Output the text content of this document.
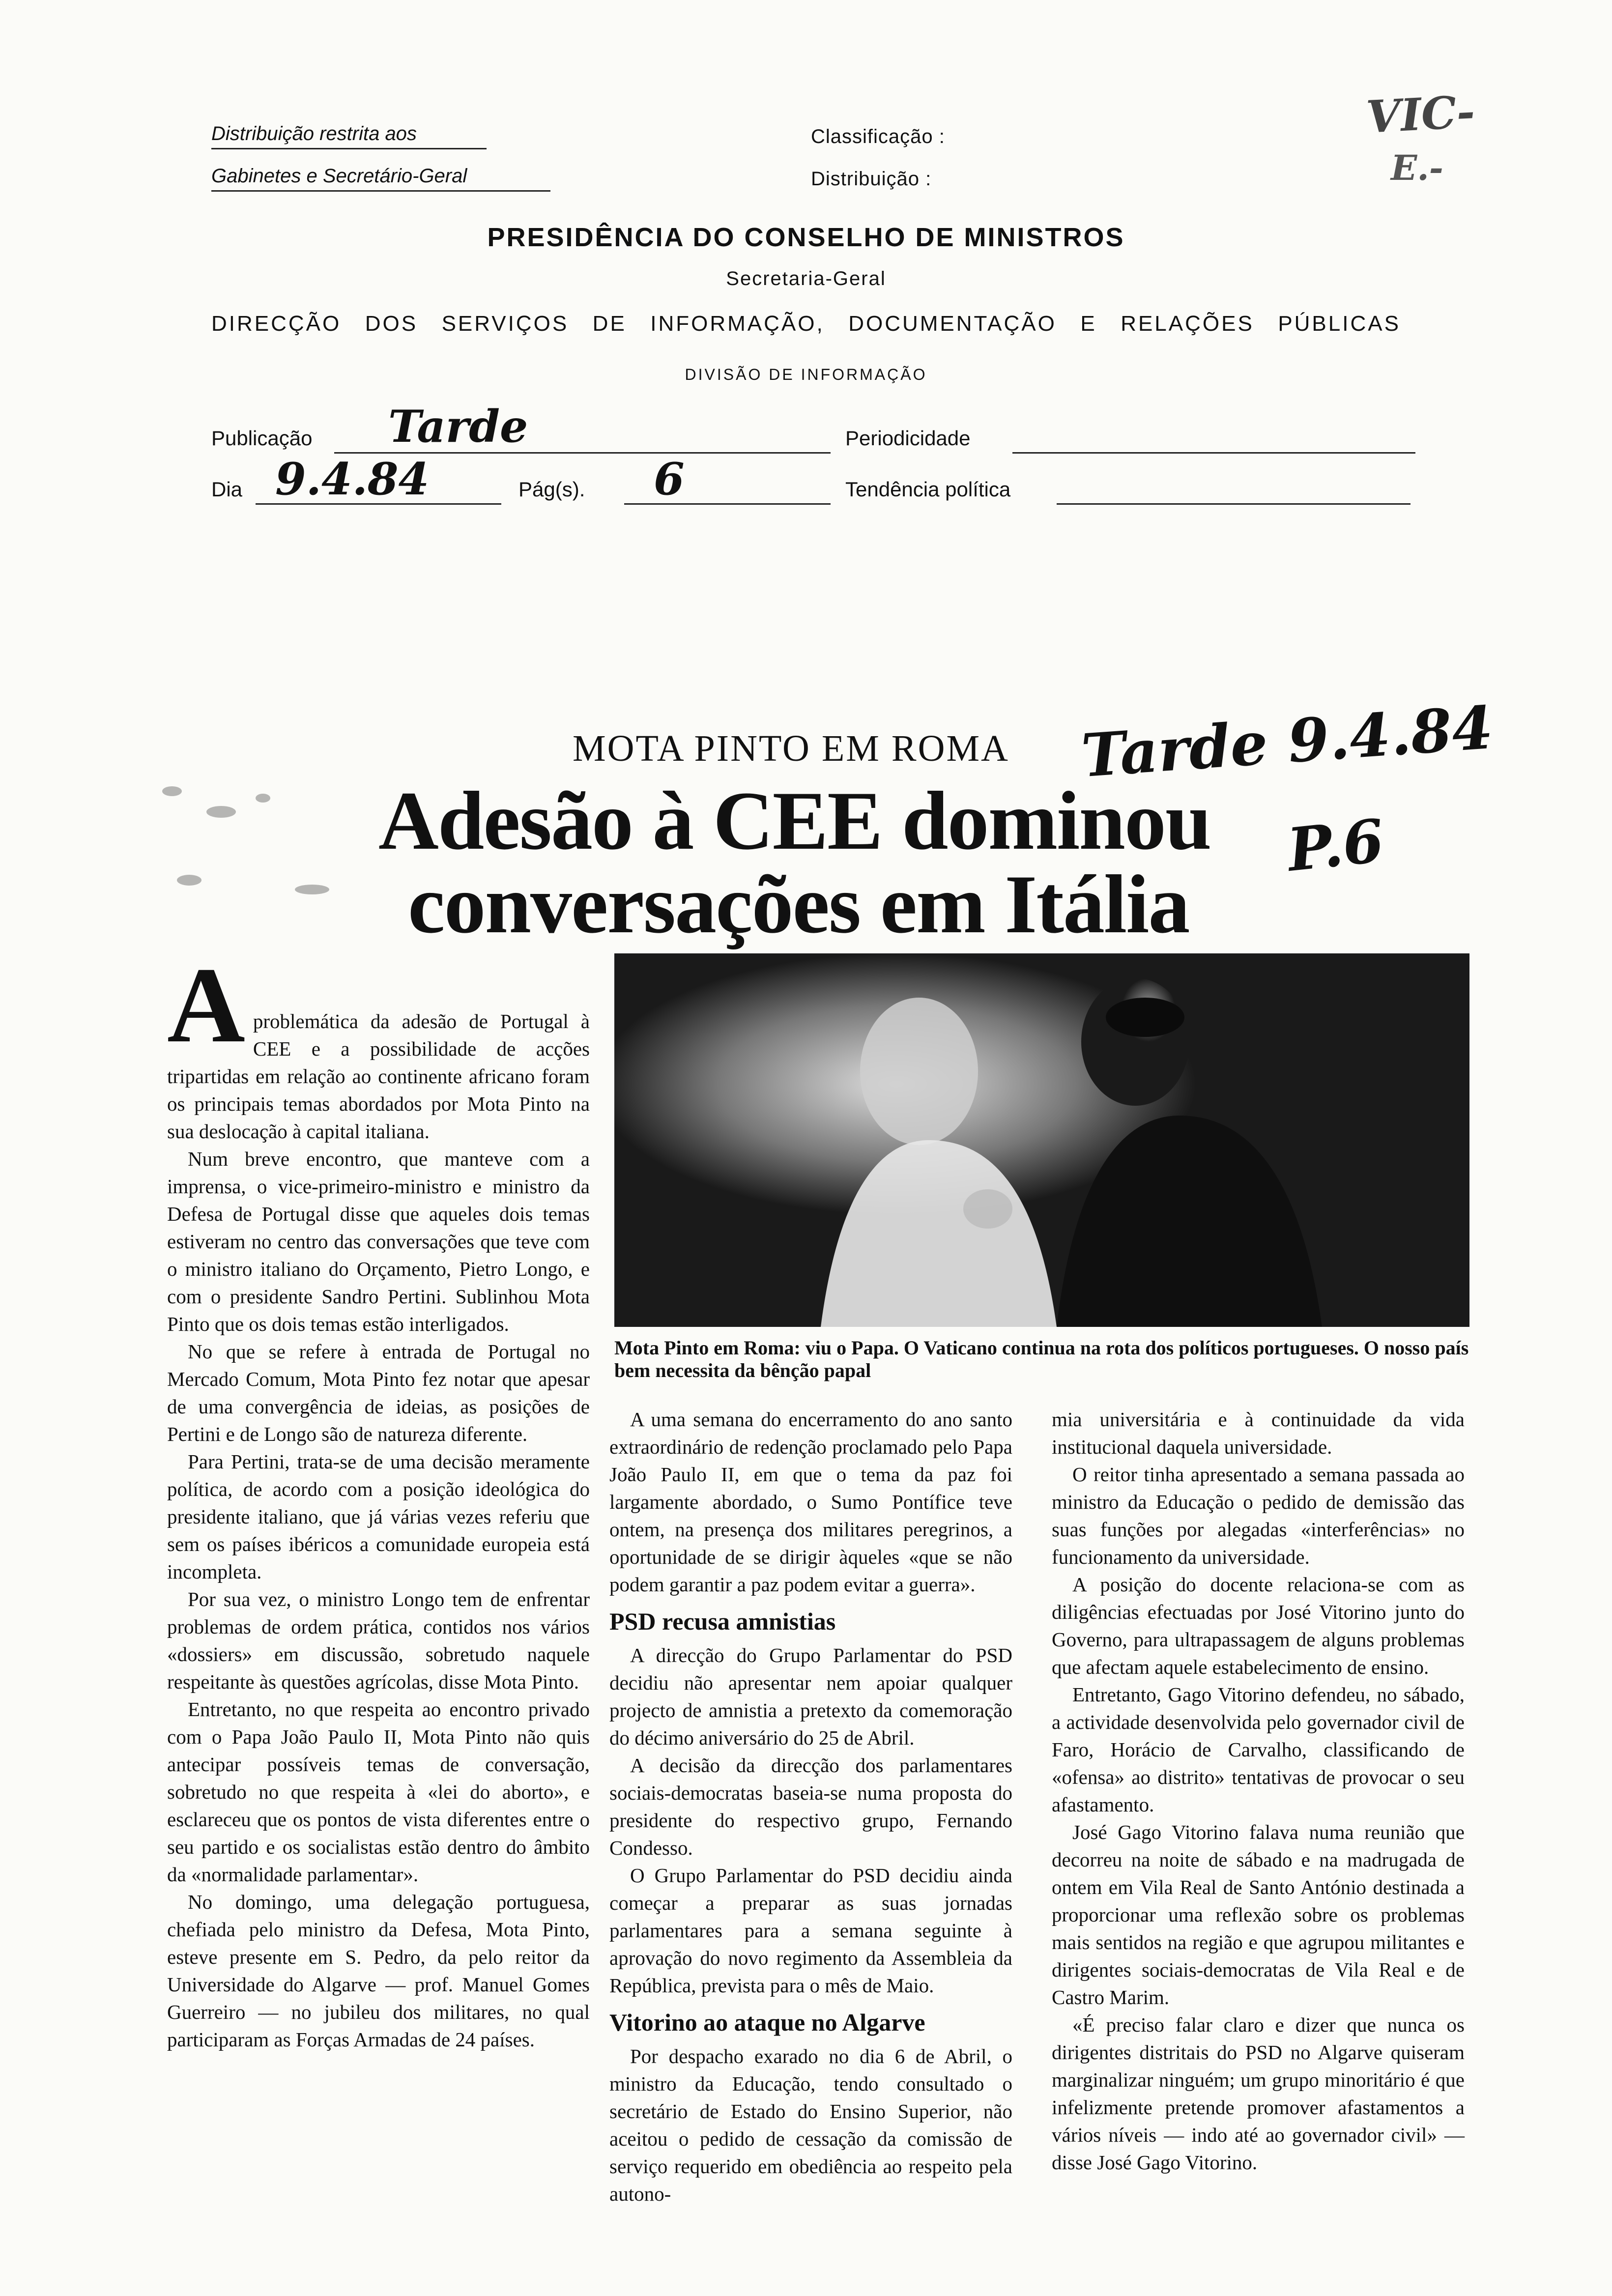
Distribuição restrita aos
Gabinetes e Secretário-Geral
Classificação :
Distribuição :
VIC-
E.-
PRESIDÊNCIA DO CONSELHO DE MINISTROS
Secretaria-Geral
DIRECÇÃO DOS SERVIÇOS DE INFORMAÇÃO, DOCUMENTAÇÃO E RELAÇÕES PÚBLICAS
DIVISÃO DE INFORMAÇÃO
Publicação Tarde	Periodicidade
Dia 9.4.84	Pág(s). 6	Tendência política
MOTA PINTO EM ROMA Tarde 9.4.84
P.6
Adesão à CEE dominou
conversações em Itália
Mota Pinto em Roma: viu o Papa. O Vaticano continua na rota dos políticos portugueses. O nosso país bem necessita da bênção papal
A problemática da adesão de Portugal à CEE e a possibilidade de acções tripartidas em relação ao continente africano foram os principais temas abordados por Mota Pinto na sua deslocação à capital italiana.

Num breve encontro, que manteve com a imprensa, o vice-primeiro-ministro e ministro da Defesa de Portugal disse que aqueles dois temas estiveram no centro das conversações que teve com o ministro italiano do Orçamento, Pietro Longo, e com o presidente Sandro Pertini. Sublinhou Mota Pinto que os dois temas estão interligados.

No que se refere à entrada de Portugal no Mercado Comum, Mota Pinto fez notar que apesar de uma convergência de ideias, as posições de Pertini e de Longo são de natureza diferente.

Para Pertini, trata-se de uma decisão meramente política, de acordo com a posição ideológica do presidente italiano, que já várias vezes referiu que sem os países ibéricos a comunidade europeia está incompleta.

Por sua vez, o ministro Longo tem de enfrentar problemas de ordem prática, contidos nos vários «dossiers» em discussão, sobretudo naquele respeitante às questões agrícolas, disse Mota Pinto.

Entretanto, no que respeita ao encontro privado com o Papa João Paulo II, Mota Pinto não quis antecipar possíveis temas de conversação, sobretudo no que respeita à «lei do aborto», e esclareceu que os pontos de vista diferentes entre o seu partido e os socialistas estão dentro do âmbito da «normalidade parlamentar».

No domingo, uma delegação portuguesa, chefiada pelo ministro da Defesa, Mota Pinto, esteve presente em S. Pedro, da pelo reitor da Universidade do Algarve — prof. Manuel Gomes Guerreiro — no jubileu dos militares, no qual participaram as Forças Armadas de 24 países.

A uma semana do encerramento do ano santo extraordinário de redenção proclamado pelo Papa João Paulo II, em que o tema da paz foi largamente abordado, o Sumo Pontífice teve ontem, na presença dos militares peregrinos, a oportunidade de se dirigir àqueles «que se não podem garantir a paz podem evitar a guerra».

PSD recusa amnistias

A direcção do Grupo Parlamentar do PSD decidiu não apresentar nem apoiar qualquer projecto de amnistia a pretexto da comemoração do décimo aniversário do 25 de Abril.

A decisão da direcção dos parlamentares sociais-democratas baseia-se numa proposta do presidente do respectivo grupo, Fernando Condesso.

O Grupo Parlamentar do PSD decidiu ainda começar a preparar as suas jornadas parlamentares para a semana seguinte à aprovação do novo regimento da Assembleia da República, prevista para o mês de Maio.

Vitorino ao ataque no Algarve

Por despacho exarado no dia 6 de Abril, o ministro da Educação, tendo consultado o secretário de Estado do Ensino Superior, não aceitou o pedido de cessação da comissão de serviço requerido em obediência ao respeito pela autono-

mia universitária e à continuidade da vida institucional daquela universidade.

O reitor tinha apresentado a semana passada ao ministro da Educação o pedido de demissão das suas funções por alegadas «interferências» no funcionamento da universidade.

A posição do docente relaciona-se com as diligências efectuadas por José Vitorino junto do Governo, para ultrapassagem de alguns problemas que afectam aquele estabelecimento de ensino.

Entretanto, Gago Vitorino defendeu, no sábado, a actividade desenvolvida pelo governador civil de Faro, Horácio de Carvalho, classificando de «ofensa» ao distrito» tentativas de provocar o seu afastamento.

José Gago Vitorino falava numa reunião que decorreu na noite de sábado e na madrugada de ontem em Vila Real de Santo António destinada a proporcionar uma reflexão sobre os problemas mais sentidos na região e que agrupou militantes e dirigentes sociais-democratas de Vila Real e de Castro Marim.

«É preciso falar claro e dizer que nunca os dirigentes distritais do PSD no Algarve quiseram marginalizar ninguém; um grupo minoritário é que infelizmente pretende promover afastamentos a vários níveis — indo até ao governador civil» — disse José Gago Vitorino.
